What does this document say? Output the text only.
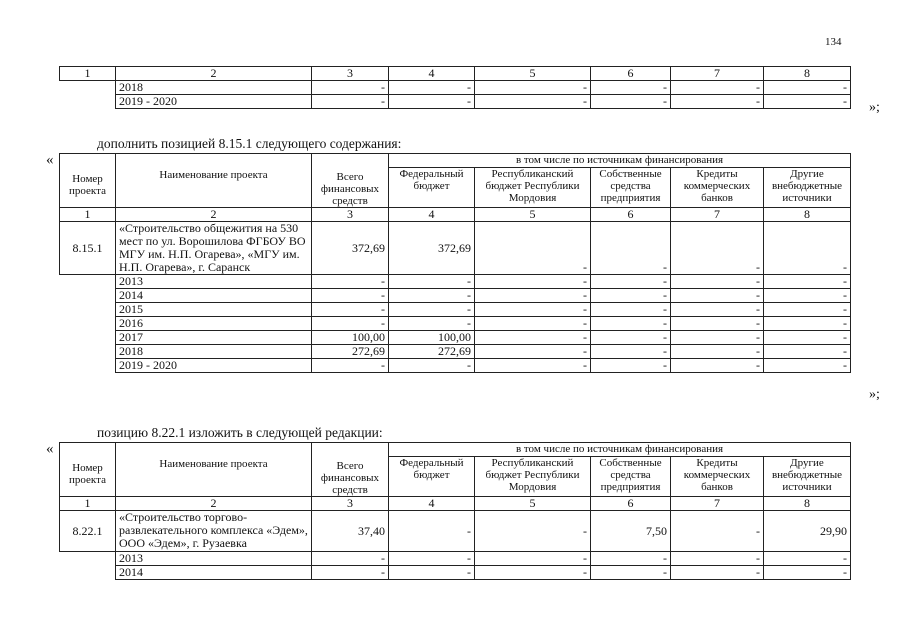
134
1	2	3	4	5	6	7	8
	2018	-	-	-	-	-	-
	2019 - 2020	-	-	-	-	-	- »;
дополнить позицией 8.15.1 следующего содержания:
«
Номер проекта	Наименование проекта	Всего финансовых средств	в том числе по источникам финансирования				
			Федеральный бюджет	Республиканский бюджет Республики Мордовия	Собственные средства предприятия	Кредиты коммерческих банков	Другие внебюджетные источники
1	2	3	4	5	6	7	8
8.15.1	«Строительство общежития на 530 мест по ул. Ворошилова ФГБОУ ВО МГУ им. Н.П. Огарева», «МГУ им. Н.П. Огарева», г. Саранск	372,69	372,69	-	-	-	-
	2013	-	-	-	-	-	-
	2014	-	-	-	-	-	-
	2015	-	-	-	-	-	-
	2016	-	-	-	-	-	-
	2017	100,00	100,00	-	-	-	-
	2018	272,69	272,69	-	-	-	-
	2019 - 2020	-	-	-	-	-	-
»;
позицию 8.22.1 изложить в следующей редакции:
«
Номер проекта	Наименование проекта	Всего финансовых средств	в том числе по источникам финансирования				
			Федеральный бюджет	Республиканский бюджет Республики Мордовия	Собственные средства предприятия	Кредиты коммерческих банков	Другие внебюджетные источники
1	2	3	4	5	6	7	8
8.22.1	«Строительство торгово-развлекательного комплекса «Эдем», ООО «Эдем», г. Рузаевка	37,40	-	-	7,50	-	29,90
	2013	-	-	-	-	-	-
	2014	-	-	-	-	-	-
